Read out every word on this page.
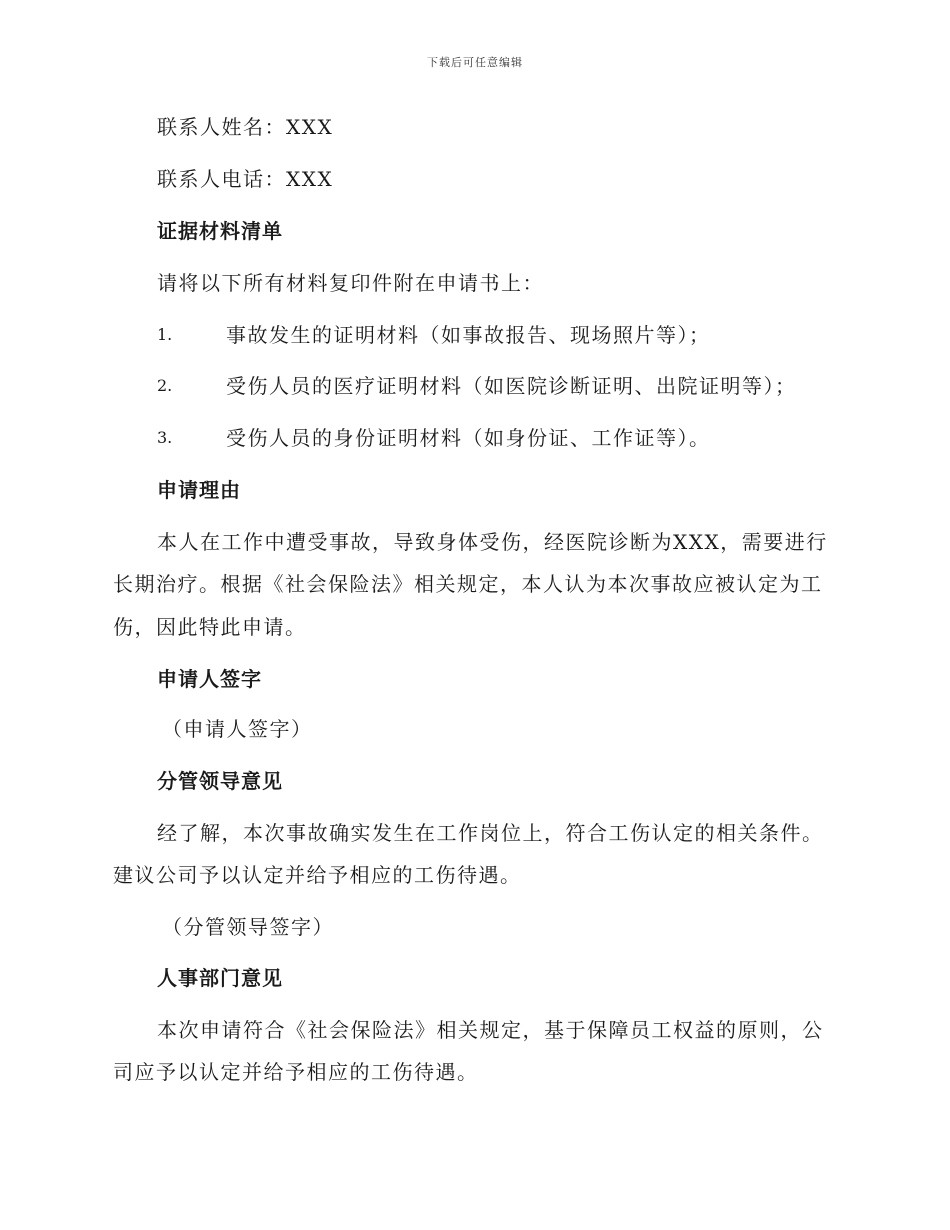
下载后可任意编辑
联系人姓名：XXX
联系人电话：XXX
证据材料清单
请将以下所有材料复印件附在申请书上：
1.	事故发生的证明材料（如事故报告、现场照片等）；
2.	受伤人员的医疗证明材料（如医院诊断证明、出院证明等）；
3.	受伤人员的身份证明材料（如身份证、工作证等）。
申请理由
本人在工作中遭受事故，导致身体受伤，经医院诊断为XXX，需要进行
长期治疗。根据《社会保险法》相关规定，本人认为本次事故应被认定为工
伤，因此特此申请。
申请人签字
（申请人签字）
分管领导意见
经了解，本次事故确实发生在工作岗位上，符合工伤认定的相关条件。
建议公司予以认定并给予相应的工伤待遇。
（分管领导签字）
人事部门意见
本次申请符合《社会保险法》相关规定，基于保障员工权益的原则，公
司应予以认定并给予相应的工伤待遇。
